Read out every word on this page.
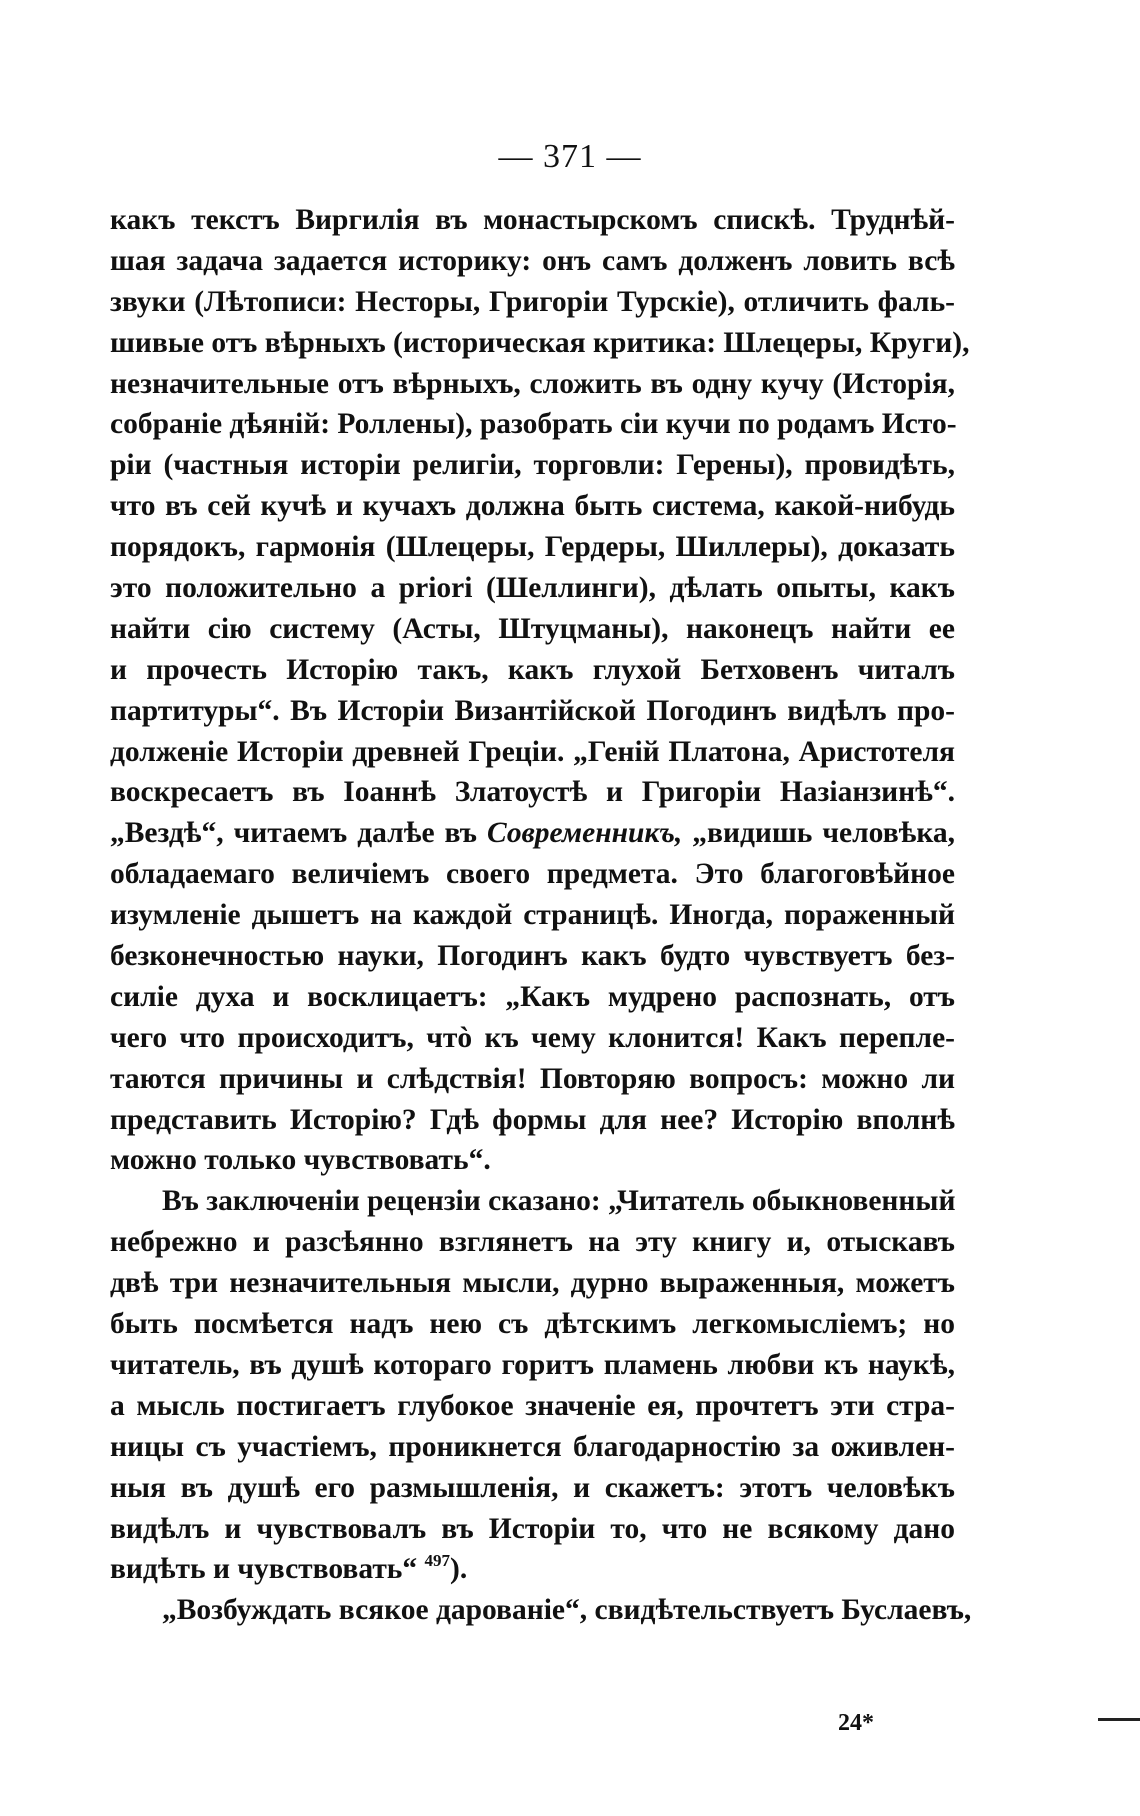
— 371 —
какъ текстъ Виргилія въ монастырскомъ спискѣ. Труднѣй-
шая задача задается историку: онъ самъ долженъ ловить всѣ
звуки (Лѣтописи: Несторы, Григоріи Турскіе), отличить фаль-
шивые отъ вѣрныхъ (историческая критика: Шлецеры, Круги),
незначительные отъ вѣрныхъ, сложить въ одну кучу (Исторія,
собраніе дѣяній: Роллены), разобрать сіи кучи по родамъ Исто-
ріи (частныя исторіи религіи, торговли: Герены), провидѣть,
что въ сей кучѣ и кучахъ должна быть система, какой-нибудь
порядокъ, гармонія (Шлецеры, Гердеры, Шиллеры), доказать
это положительно a priori (Шеллинги), дѣлать опыты, какъ
найти сію систему (Асты, Штуцманы), наконецъ найти ее
и прочесть Исторію такъ, какъ глухой Бетховенъ читалъ
партитуры“. Въ Исторіи Византійской Погодинъ видѣлъ про-
долженіе Исторіи древней Греціи. „Геній Платона, Аристотеля
воскресаетъ въ Іоаннѣ Златоустѣ и Григоріи Назіанзинѣ“.
„Вездѣ“, читаемъ далѣе въ Современникъ, „видишь человѣка,
обладаемаго величіемъ своего предмета. Это благоговѣйное
изумленіе дышетъ на каждой страницѣ. Иногда, пораженный
безконечностью науки, Погодинъ какъ будто чувствуетъ без-
силіе духа и восклицаетъ: „Какъ мудрено распознать, отъ
чего что происходитъ, чтò къ чему клонится! Какъ перепле-
таются причины и слѣдствія! Повторяю вопросъ: можно ли
представить Исторію? Гдѣ формы для нее? Исторію вполнѣ
можно только чувствовать“.
Въ заключеніи рецензіи сказано: „Читатель обыкновенный
небрежно и разсѣянно взглянетъ на эту книгу и, отыскавъ
двѣ три незначительныя мысли, дурно выраженныя, можетъ
быть посмѣется надъ нею съ дѣтскимъ легкомысліемъ; но
читатель, въ душѣ котораго горитъ пламень любви къ наукѣ,
а мысль постигаетъ глубокое значеніе ея, прочтетъ эти стра-
ницы съ участіемъ, проникнется благодарностію за оживлен-
ныя въ душѣ его размышленія, и скажетъ: этотъ человѣкъ
видѣлъ и чувствовалъ въ Исторіи то, что не всякому дано
видѣть и чувствовать“ $^{497}$).
„Возбуждать всякое дарованіе“, свидѣтельствуетъ Буслаевъ,
24*
